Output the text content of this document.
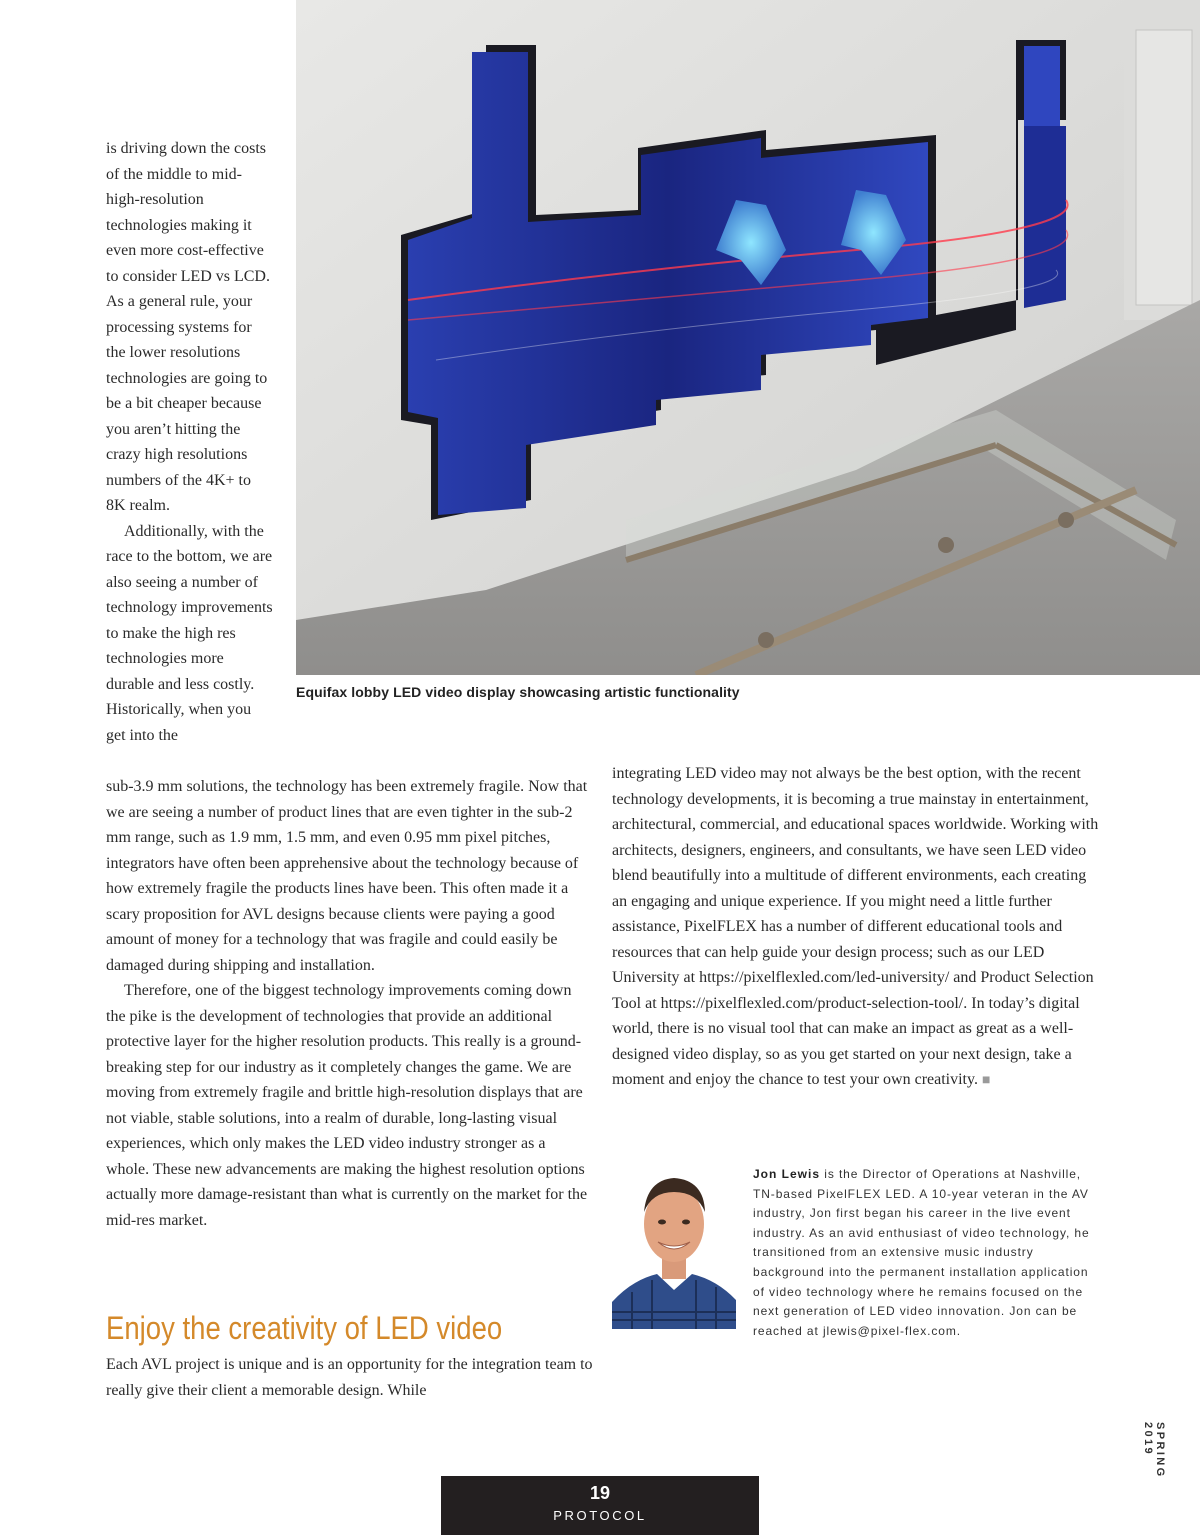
Equifax lobby LED video display showcasing artistic functionality

is driving down the costs of the middle to mid-high-resolution technologies making it even more cost-effective to consider LED vs LCD. As a general rule, your processing systems for the lower resolutions technologies are going to be a bit cheaper because you aren’t hitting the crazy high resolutions numbers of the 4K+ to 8K realm.

Additionally, with the race to the bottom, we are also seeing a number of technology improvements to make the high res technologies more durable and less costly. Historically, when you get into the

sub-3.9 mm solutions, the technology has been extremely fragile. Now that we are seeing a number of product lines that are even tighter in the sub-2 mm range, such as 1.9 mm, 1.5 mm, and even 0.95 mm pixel pitches, integrators have often been apprehensive about the technology because of how extremely fragile the products lines have been. This often made it a scary proposition for AVL designs because clients were paying a good amount of money for a technology that was fragile and could easily be damaged during shipping and installation.

Therefore, one of the biggest technology improvements coming down the pike is the development of technologies that provide an additional protective layer for the higher resolution products. This really is a ground-breaking step for our industry as it completely changes the game. We are moving from extremely fragile and brittle high-resolution displays that are not viable, stable solutions, into a realm of durable, long-lasting visual experiences, which only makes the LED video industry stronger as a whole. These new advancements are making the highest resolution options actually more damage-resistant than what is currently on the market for the mid-res market.

Enjoy the creativity of LED video

Each AVL project is unique and is an opportunity for the integration team to really give their client a memorable design. While

integrating LED video may not always be the best option, with the recent technology developments, it is becoming a true mainstay in entertainment, architectural, commercial, and educational spaces worldwide. Working with architects, designers, engineers, and consultants, we have seen LED video blend beautifully into a multitude of different environments, each creating an engaging and unique experience. If you might need a little further assistance, PixelFLEX has a number of different educational tools and resources that can help guide your design process; such as our LED University at https://pixelflexled.com/led-university/ and Product Selection Tool at https://pixelflexled.com/product-selection-tool/. In today’s digital world, there is no visual tool that can make an impact as great as a well-designed video display, so as you get started on your next design, take a moment and enjoy the chance to test your own creativity. ■

Jon Lewis is the Director of Operations at Nashville, TN-based PixelFLEX LED. A 10-year veteran in the AV industry, Jon first began his career in the live event industry. As an avid enthusiast of video technology, he transitioned from an extensive music industry background into the permanent installation application of video technology where he remains focused on the next generation of LED video innovation. Jon can be reached at jlewis@pixel-flex.com.
SPRING 2019
19
PROTOCOL
